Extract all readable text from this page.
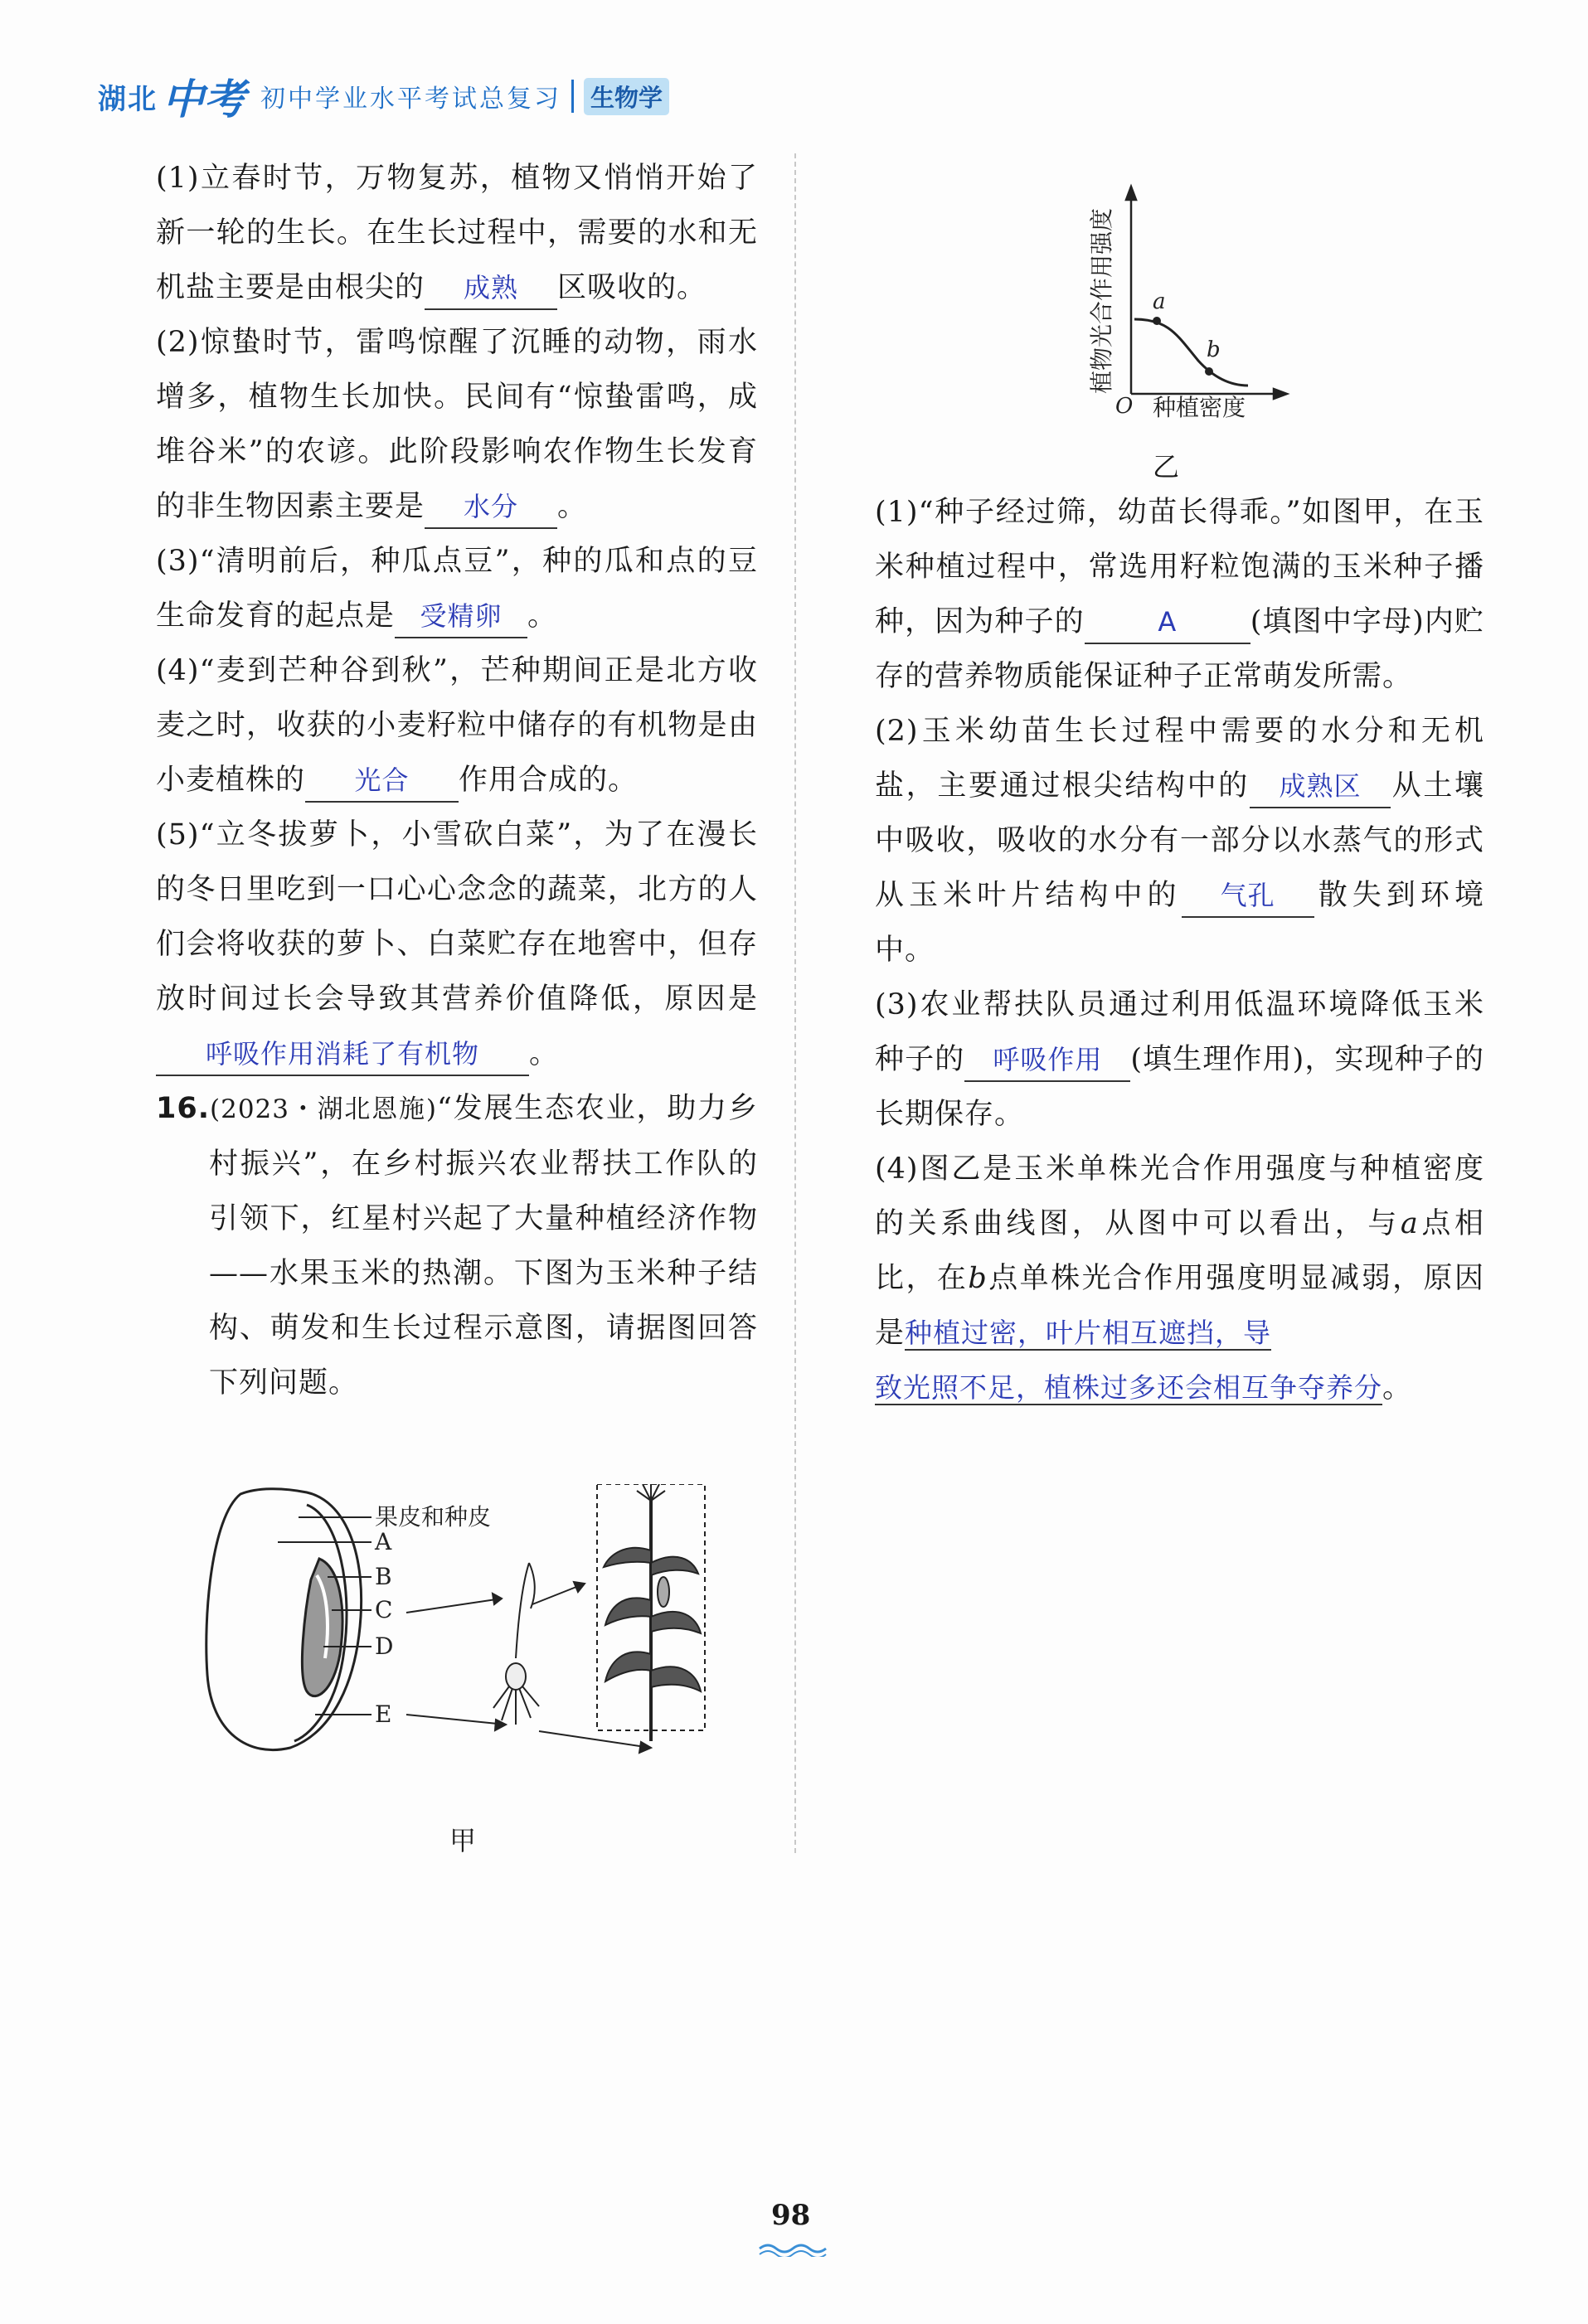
湖北 中考 初中学业水平考试总复习 生物学

(1)立春时节，万物复苏，植物又悄悄开始了新一轮的生长。在生长过程中，需要的水和无机盐主要是由根尖的 成熟 区吸收的。

(2)惊蛰时节，雷鸣惊醒了沉睡的动物，雨水增多，植物生长加快。民间有“惊蛰雷鸣，成堆谷米”的农谚。此阶段影响农作物生长发育的非生物因素主要是 水分 。

(3)“清明前后，种瓜点豆”，种的瓜和点的豆生命发育的起点是 受精卵 。

(4)“麦到芒种谷到秋”，芒种期间正是北方收麦之时，收获的小麦籽粒中储存的有机物是由小麦植株的 光合 作用合成的。

(5)“立冬拔萝卜，小雪砍白菜”，为了在漫长的冬日里吃到一口心心念念的蔬菜，北方的人们会将收获的萝卜、白菜贮存在地窖中，但存放时间过长会导致其营养价值降低，原因是呼吸作用消耗了有机物 。

16.(2023・湖北恩施)“发展生态农业，助力乡村振兴”，在乡村振兴农业帮扶工作队的引领下，红星村兴起了大量种植经济作物——水果玉米的热潮。下图为玉米种子结构、萌发和生长过程示意图，请据图回答下列问题。

果皮和种皮
A
B
C
D
E
甲
a
b
O 种植密度
植物光合作用强度
乙

(1)“种子经过筛，幼苗长得乖。”如图甲，在玉米种植过程中，常选用籽粒饱满的玉米种子播种，因为种子的	A	(填图中字母)内贮存的营养物质能保证种子正常萌发所需。

(2)玉米幼苗生长过程中需要的水分和无机盐，主要通过根尖结构中的 成熟区 从土壤中吸收，吸收的水分有一部分以水蒸气的形式从玉米叶片结构中的 气孔 散失到环境中。

(3)农业帮扶队员通过利用低温环境降低玉米种子的 呼吸作用 (填生理作用)，实现种子的长期保存。

(4)图乙是玉米单株光合作用强度与种植密度的关系曲线图，从图中可以看出，与a点相比，在b点单株光合作用强度明显减弱，原因是种植过密，叶片相互遮挡，导
致光照不足，植株过多还会相互争夺养分。

98
